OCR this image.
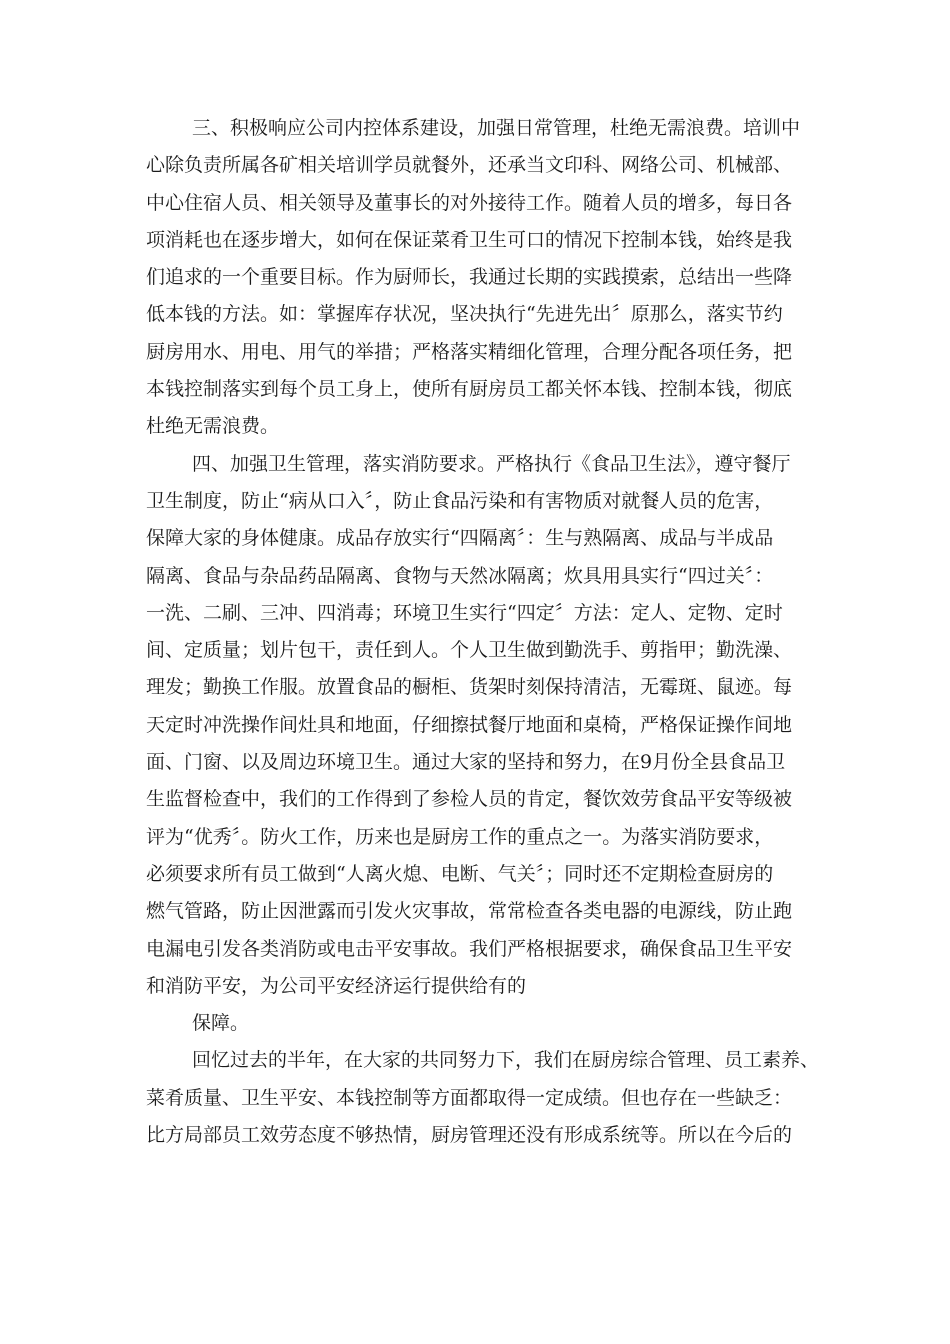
三、积极响应公司内控体系建设，加强日常管理，杜绝无需浪费。培训中
心除负责所属各矿相关培训学员就餐外，还承当文印科、网络公司、机械部、
中心住宿人员、相关领导及董事长的对外接待工作。随着人员的增多，每日各
项消耗也在逐步增大，如何在保证菜肴卫生可口的情况下控制本钱，始终是我
们追求的一个重要目标。作为厨师长，我通过长期的实践摸索，总结出一些降
低本钱的方法。如：掌握库存状况，坚决执行“先进先出〞原那么，落实节约
厨房用水、用电、用气的举措；严格落实精细化管理，合理分配各项任务，把
本钱控制落实到每个员工身上，使所有厨房员工都关怀本钱、控制本钱，彻底
杜绝无需浪费。
四、加强卫生管理，落实消防要求。严格执行《食品卫生法》，遵守餐厅
卫生制度，防止“病从口入〞，防止食品污染和有害物质对就餐人员的危害，
保障大家的身体健康。成品存放实行“四隔离〞：生与熟隔离、成品与半成品
隔离、食品与杂品药品隔离、食物与天然冰隔离；炊具用具实行“四过关〞：
一洗、二刷、三冲、四消毒；环境卫生实行“四定〞方法：定人、定物、定时
间、定质量；划片包干，责任到人。个人卫生做到勤洗手、剪指甲；勤洗澡、
理发；勤换工作服。放置食品的橱柜、货架时刻保持清洁，无霉斑、鼠迹。每
天定时冲洗操作间灶具和地面，仔细擦拭餐厅地面和桌椅，严格保证操作间地
面、门窗、以及周边环境卫生。通过大家的坚持和努力，在9月份全县食品卫
生监督检查中，我们的工作得到了参检人员的肯定，餐饮效劳食品平安等级被
评为“优秀〞。防火工作，历来也是厨房工作的重点之一。为落实消防要求，
必须要求所有员工做到“人离火熄、电断、气关〞；同时还不定期检查厨房的
燃气管路，防止因泄露而引发火灾事故，常常检查各类电器的电源线，防止跑
电漏电引发各类消防或电击平安事故。我们严格根据要求，确保食品卫生平安
和消防平安，为公司平安经济运行提供给有的
保障。
回忆过去的半年，在大家的共同努力下，我们在厨房综合管理、员工素养、
菜肴质量、卫生平安、本钱控制等方面都取得一定成绩。但也存在一些缺乏：
比方局部员工效劳态度不够热情，厨房管理还没有形成系统等。所以在今后的
